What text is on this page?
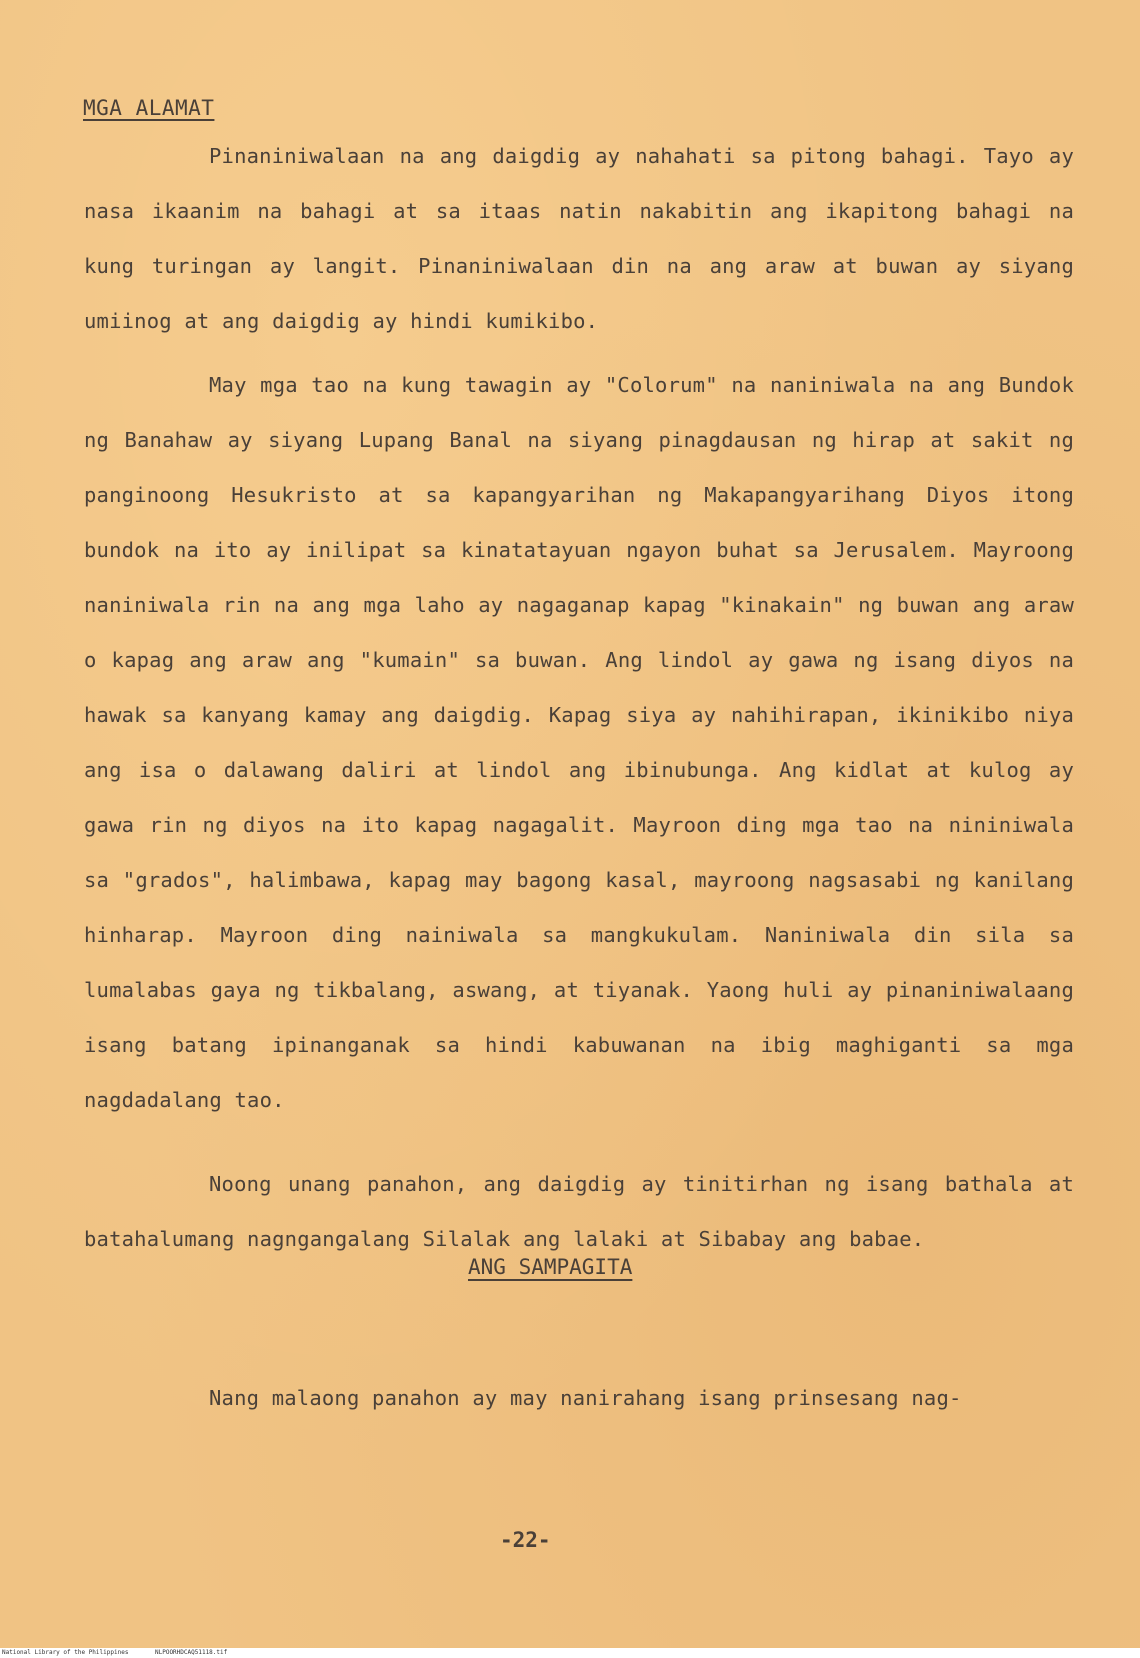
MGA ALAMAT

Pinaniniwalaan na ang daigdig ay nahahati sa pitong bahagi. Tayo ay nasa ikaanim na bahagi at sa itaas natin nakabitin ang ikapitong bahagi na kung turingan ay langit. Pinaniniwalaan din na ang araw at buwan ay siyang umiinog at ang daigdig ay hindi kumikibo.

May mga tao na kung tawagin ay "Colorum" na naniniwala na ang Bundok ng Banahaw ay siyang Lupang Banal na siyang pinagdausan ng hirap at sakit ng panginoong Hesukristo at sa kapangyarihan ng Makapangyarihang Diyos itong bundok na ito ay inilipat sa kinatatayuan ngayon buhat sa Jerusalem. Mayroong naniniwala rin na ang mga laho ay nagaganap kapag "kinakain" ng buwan ang araw o kapag ang araw ang "kumain" sa buwan. Ang lindol ay gawa ng isang diyos na hawak sa kanyang kamay ang daigdig. Kapag siya ay nahihirapan, ikinikibo niya ang isa o dalawang daliri at lindol ang ibinubunga. Ang kidlat at kulog ay gawa rin ng diyos na ito kapag nagagalit. Mayroon ding mga tao na nininiwala sa "grados", halimbawa, kapag may bagong kasal, mayroong nagsasabi ng kanilang hinharap. Mayroon ding nainiwala sa mangkukulam. Naniniwala din sila sa lumalabas gaya ng tikbalang, aswang, at tiyanak. Yaong huli ay pinaniniwalaang isang batang ipinanganak sa hindi kabuwanan na ibig maghiganti sa mga nagdadalang tao.

Noong unang panahon, ang daigdig ay tinitirhan ng isang bathala at batahalumang nagngangalang Silalak ang lalaki at Sibabay ang babae.

ANG SAMPAGITA

Nang malaong panahon ay may nanirahang isang prinsesang nag-

-22-
National Library of the Philippines	NLPOORHDCAQ51118.tif
